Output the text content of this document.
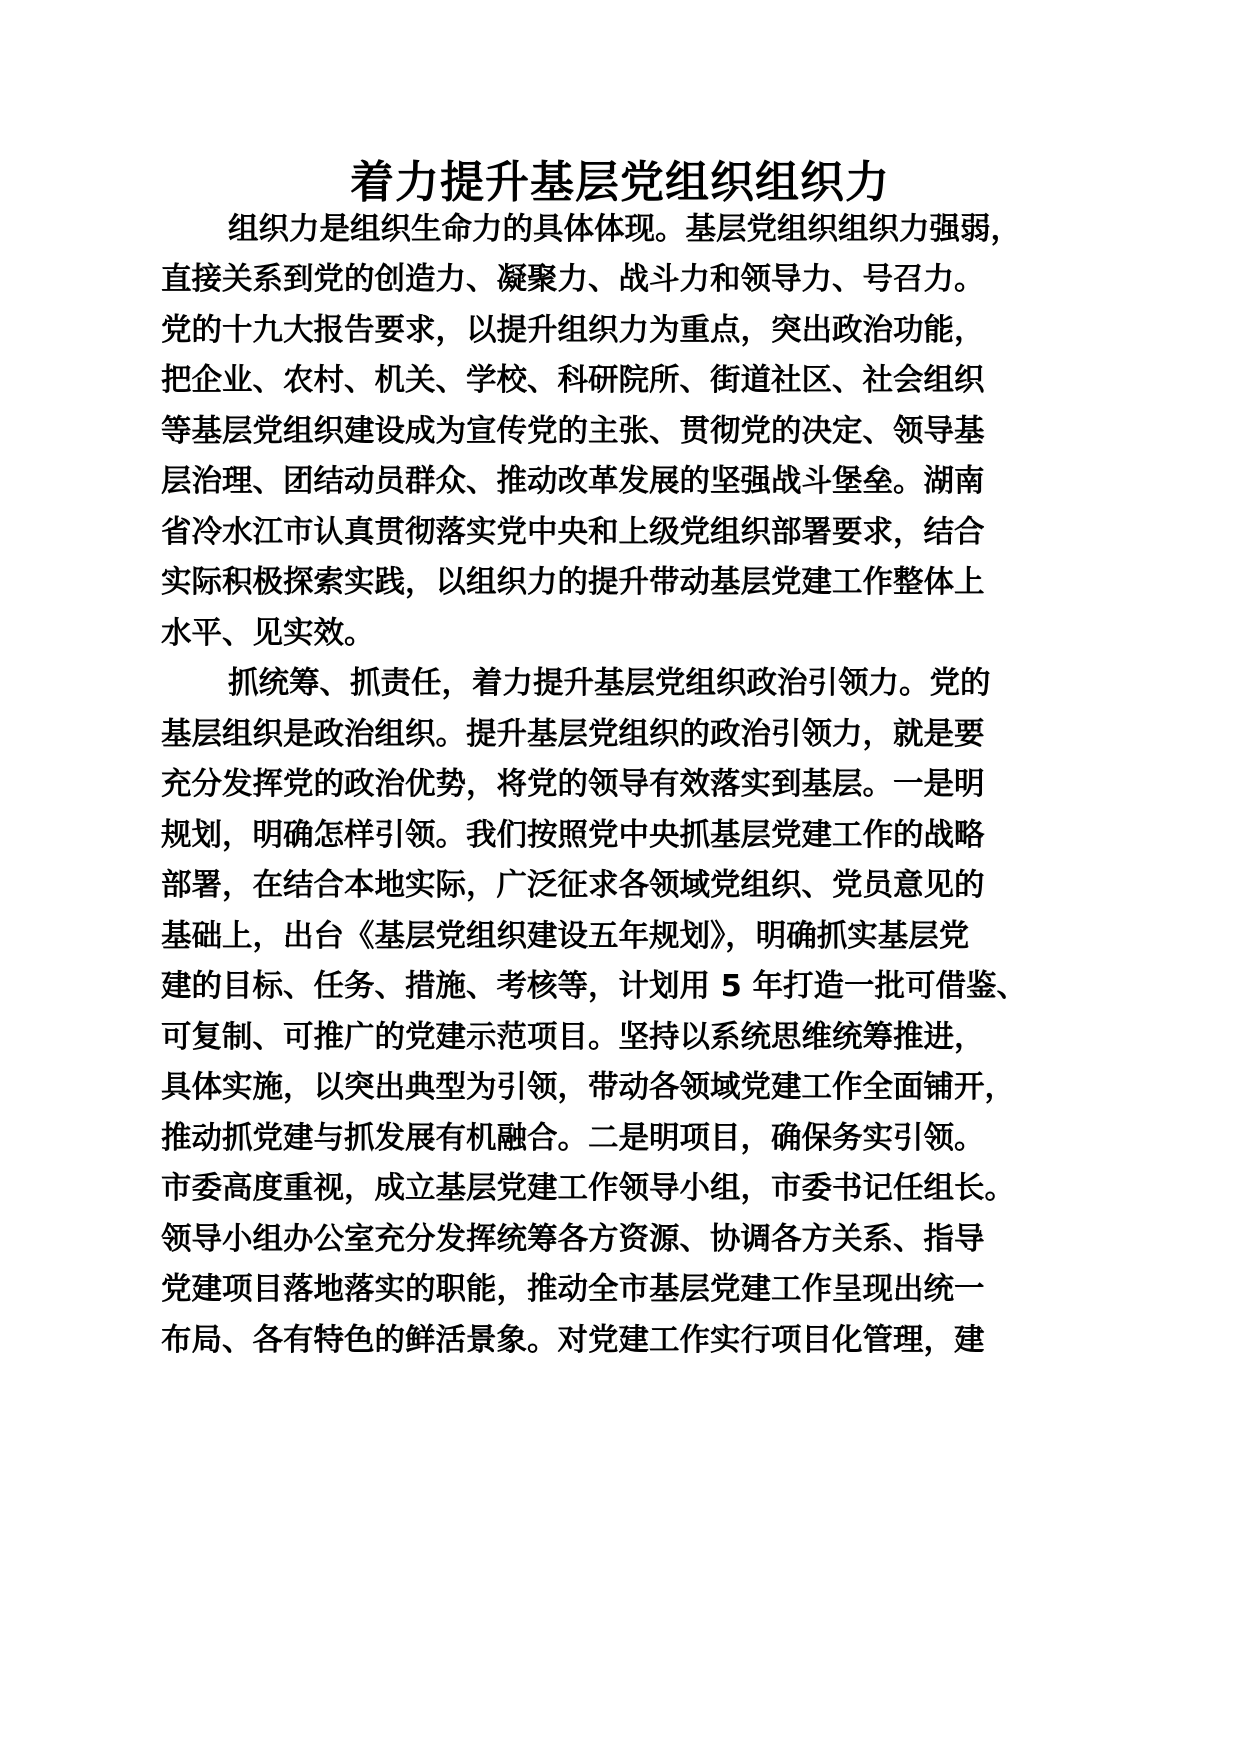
着力提升基层党组织组织力
组织力是组织生命力的具体体现。基层党组织组织力强弱，
直接关系到党的创造力、凝聚力、战斗力和领导力、号召力。
党的十九大报告要求，以提升组织力为重点，突出政治功能，
把企业、农村、机关、学校、科研院所、街道社区、社会组织
等基层党组织建设成为宣传党的主张、贯彻党的决定、领导基
层治理、团结动员群众、推动改革发展的坚强战斗堡垒。湖南
省冷水江市认真贯彻落实党中央和上级党组织部署要求，结合
实际积极探索实践，以组织力的提升带动基层党建工作整体上
水平、见实效。
抓统筹、抓责任，着力提升基层党组织政治引领力。党的
基层组织是政治组织。提升基层党组织的政治引领力，就是要
充分发挥党的政治优势，将党的领导有效落实到基层。一是明
规划，明确怎样引领。我们按照党中央抓基层党建工作的战略
部署，在结合本地实际，广泛征求各领域党组织、党员意见的
基础上，出台《基层党组织建设五年规划》，明确抓实基层党
建的目标、任务、措施、考核等，计划用 5 年打造一批可借鉴、
可复制、可推广的党建示范项目。坚持以系统思维统筹推进，
具体实施，以突出典型为引领，带动各领域党建工作全面铺开，
推动抓党建与抓发展有机融合。二是明项目，确保务实引领。
市委高度重视，成立基层党建工作领导小组，市委书记任组长。
领导小组办公室充分发挥统筹各方资源、协调各方关系、指导
党建项目落地落实的职能，推动全市基层党建工作呈现出统一
布局、各有特色的鲜活景象。对党建工作实行项目化管理，建
